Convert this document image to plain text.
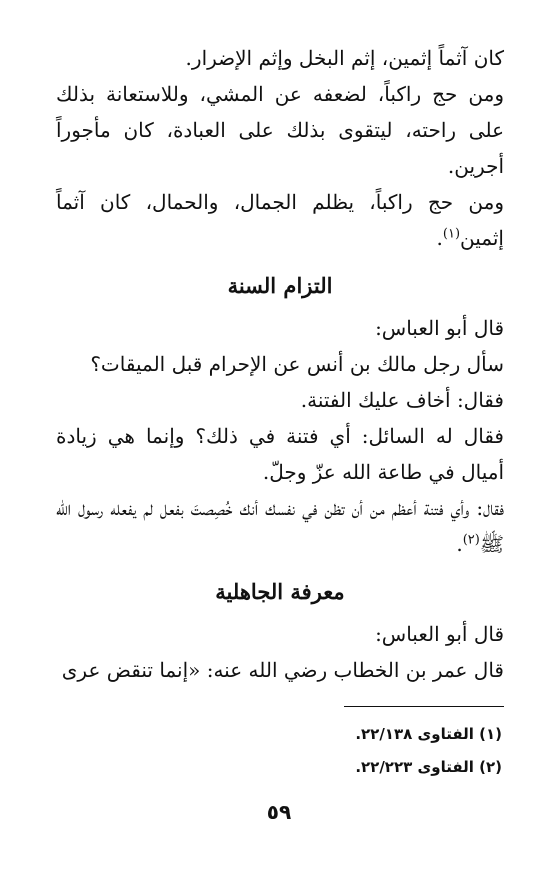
كان آثماً إثمين، إثم البخل وإثم الإضرار.

ومن حج راكباً، لضعفه عن المشي، وللاستعانة بذلك على راحته، ليتقوى بذلك على العبادة، كان مأجوراً أجرين.

ومن حج راكباً، يظلم الجمال، والحمال، كان آثماً إثمين$^{(١)}$.

التزام السنة

قال أبو العباس:

سأل رجل مالك بن أنس عن الإحرام قبل الميقات؟

فقال: أخاف عليك الفتنة.

فقال له السائل: أي فتنة في ذلك؟ وإنما هي زيادة أميال في طاعة الله عزّ وجلّ.

فقال: وأي فتنة أعظم من أن تظن في نفسك أنك خُصِصتَ بفعل لم يفعله رسول الله ﷺ$^{(٢)}$.

معرفة الجاهلية

قال أبو العباس:

قال عمر بن الخطاب رضي الله عنه: «إنما تنقض عرى

(١) الفتاوى ٢٢/١٣٨.
(٢) الفتاوى ٢٢/٢٢٣.
٥٩
